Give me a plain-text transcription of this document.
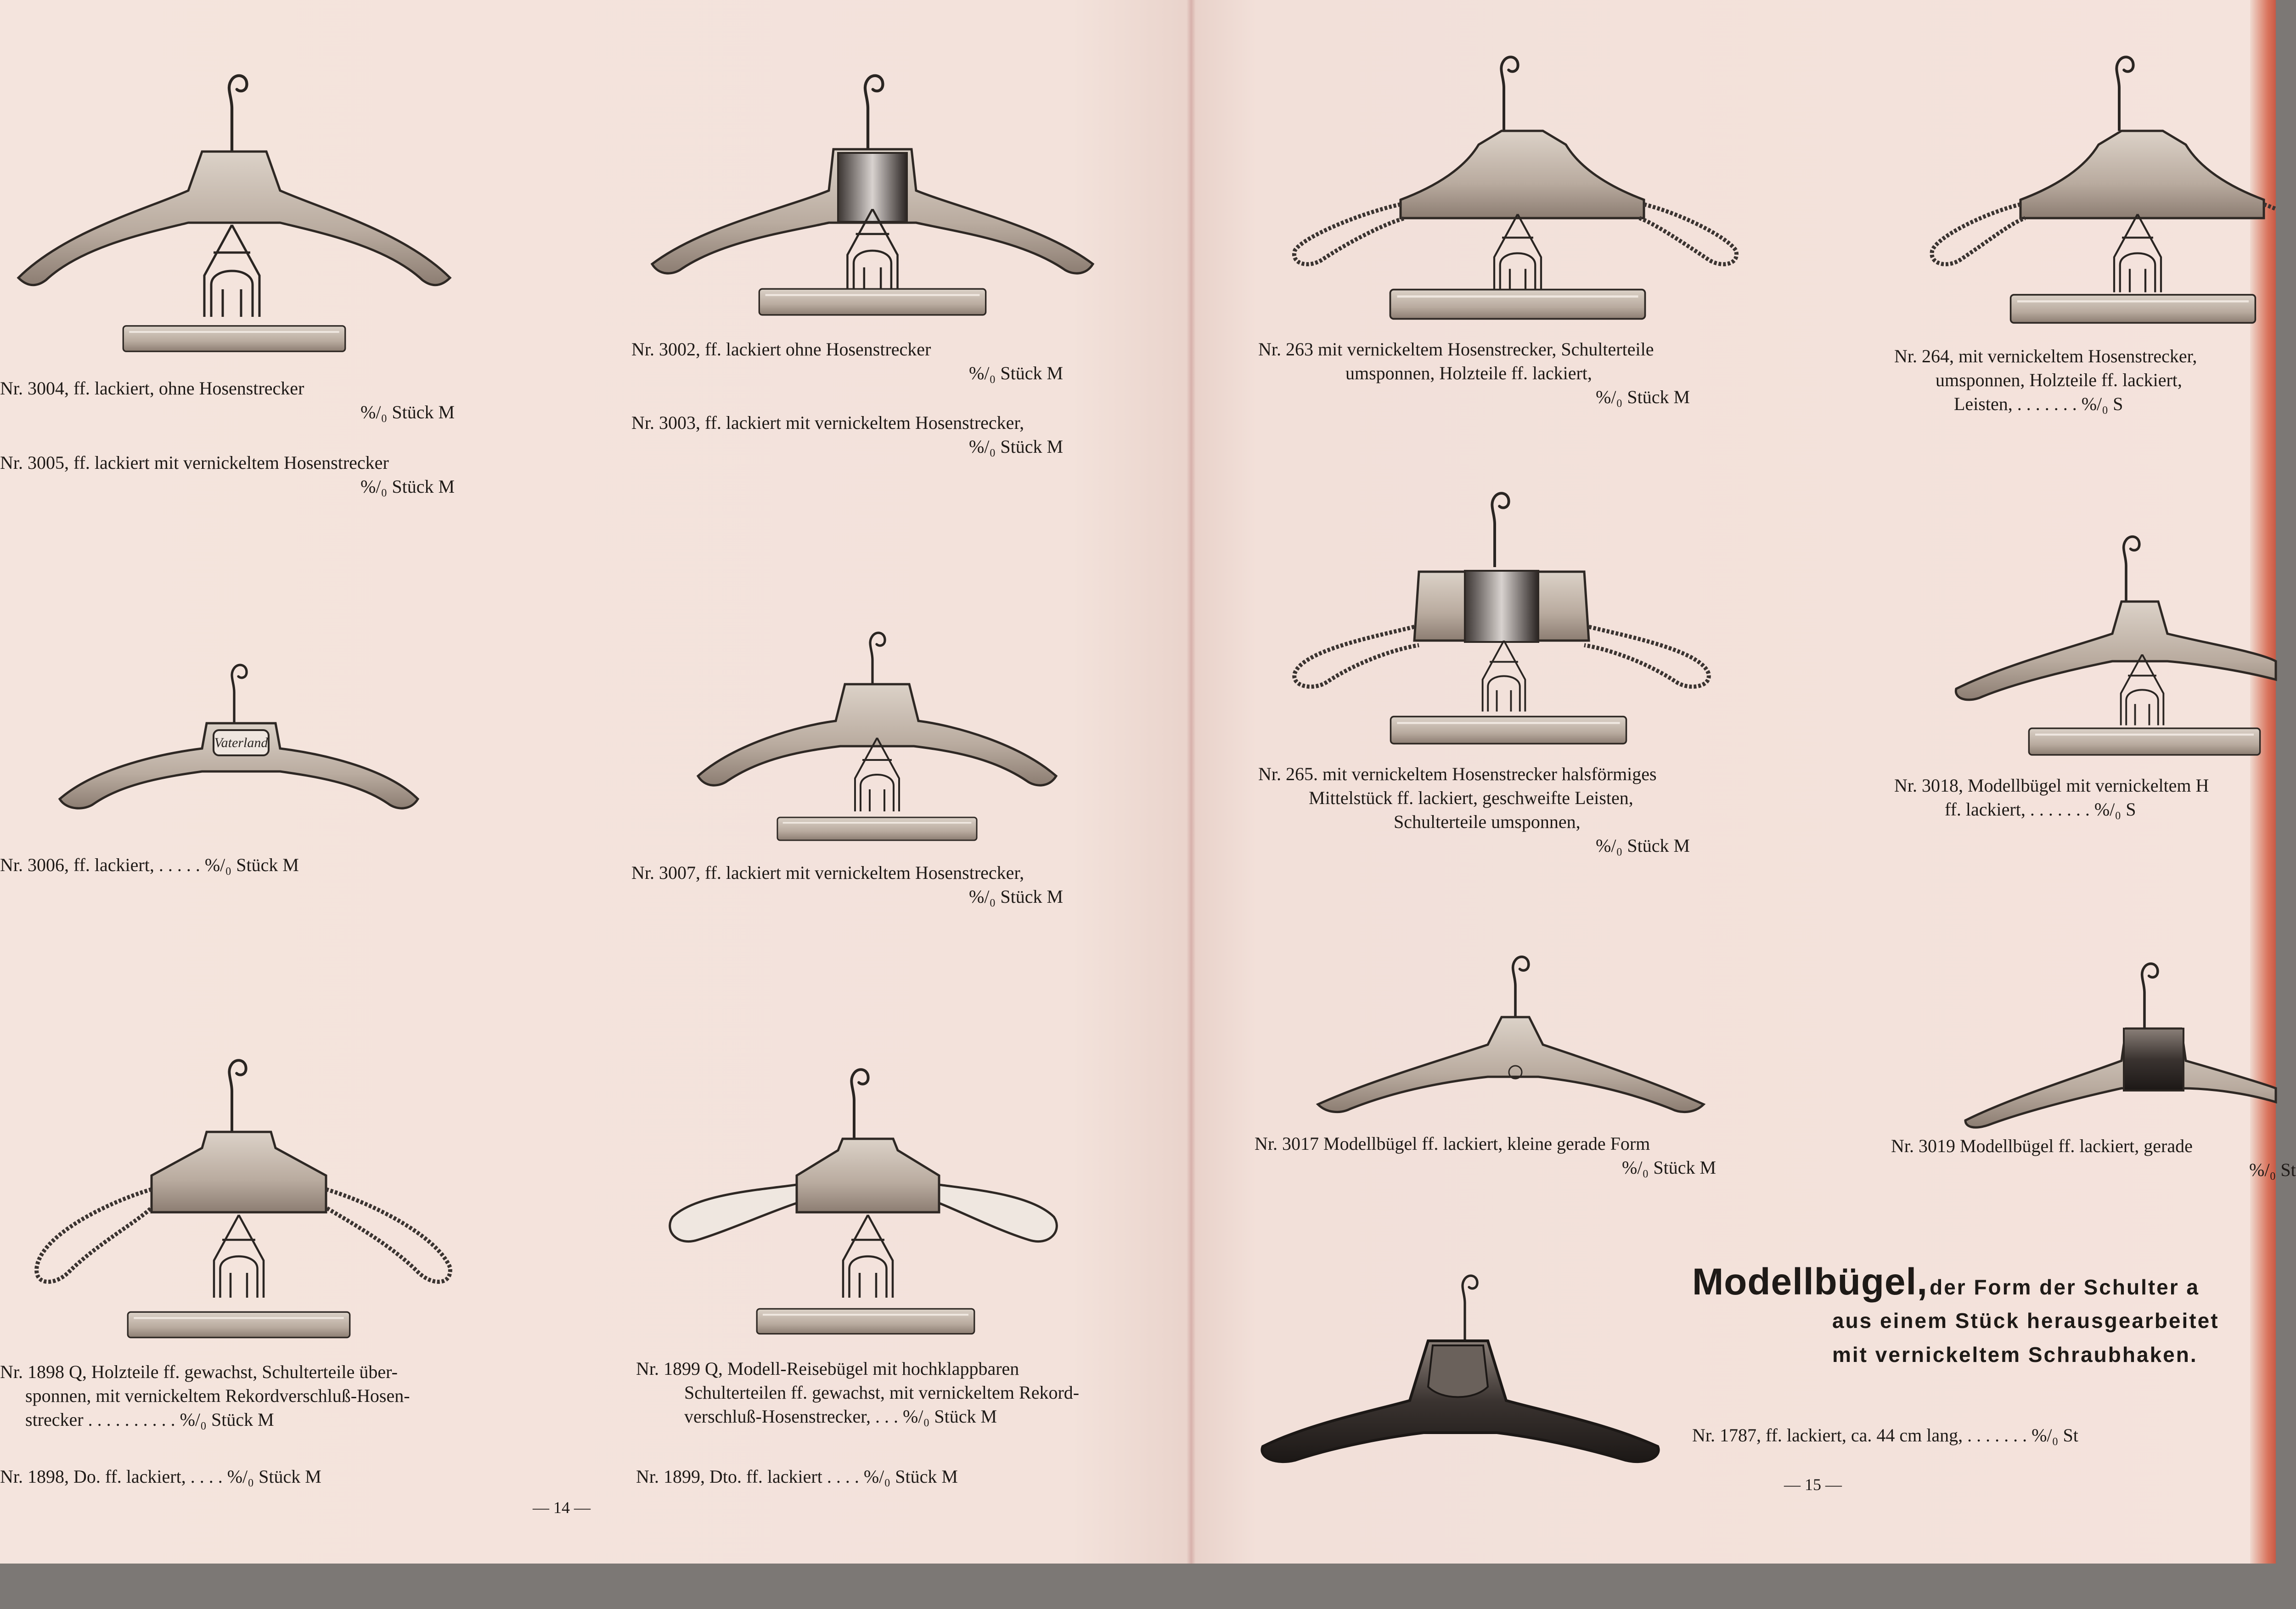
Nr. 3004, ff. lackiert, ohne Hosenstrecker
%/₀ Stück M
Nr. 3005, ff. lackiert mit vernickeltem Hosenstrecker
%/₀ Stück M
Nr. 3002, ff. lackiert ohne Hosenstrecker
%/₀ Stück M
Nr. 3003, ff. lackiert mit vernickeltem Hosenstrecker,
%/₀ Stück M
Vaterland
Nr. 3006, ff. lackiert, . . . . . %/₀ Stück M	Nr. 3007, ff. lackiert mit vernickeltem Hosenstrecker,
%/₀ Stück M
Nr. 1898 Q, Holzteile ff. gewachst, Schulterteile über-
sponnen, mit vernickeltem Rekordverschluß-Hosen-
strecker . . . . . . . . . . %/₀ Stück M
Nr. 1898, Do. ff. lackiert, . . . . %/₀ Stück M
Nr. 1899 Q, Modell-Reisebügel mit hochklappbaren
Schulterteilen ff. gewachst, mit vernickeltem Rekord-
verschluß-Hosenstrecker, . . . %/₀ Stück M
Nr. 1899, Dto. ff. lackiert . . . . %/₀ Stück M
— 14 —
Nr. 263 mit vernickeltem Hosenstrecker, Schulterteile
umsponnen, Holzteile ff. lackiert,
%/₀ Stück M
Nr. 264, mit vernickeltem Hosenstrecker,
umsponnen, Holzteile ff. lackiert,
Leisten, . . . . . . . %/₀ S
Nr. 265. mit vernickeltem Hosenstrecker halsförmiges
Mittelstück ff. lackiert, geschweifte Leisten,
Schulterteile umsponnen,
%/₀ Stück M
Nr. 3018, Modellbügel mit vernickeltem H
ff. lackiert, . . . . . . . %/₀ S
Nr. 3017 Modellbügel ff. lackiert, kleine gerade Form
%/₀ Stück M
Nr. 3019 Modellbügel ff. lackiert, gerade
%/₀ St
Modellbügel, der Form der Schulter a
aus einem Stück herausgearbeitet
mit vernickeltem Schraubhaken.
Nr. 1787, ff. lackiert, ca. 44 cm lang, . . . . . . . %/₀ St
— 15 —
